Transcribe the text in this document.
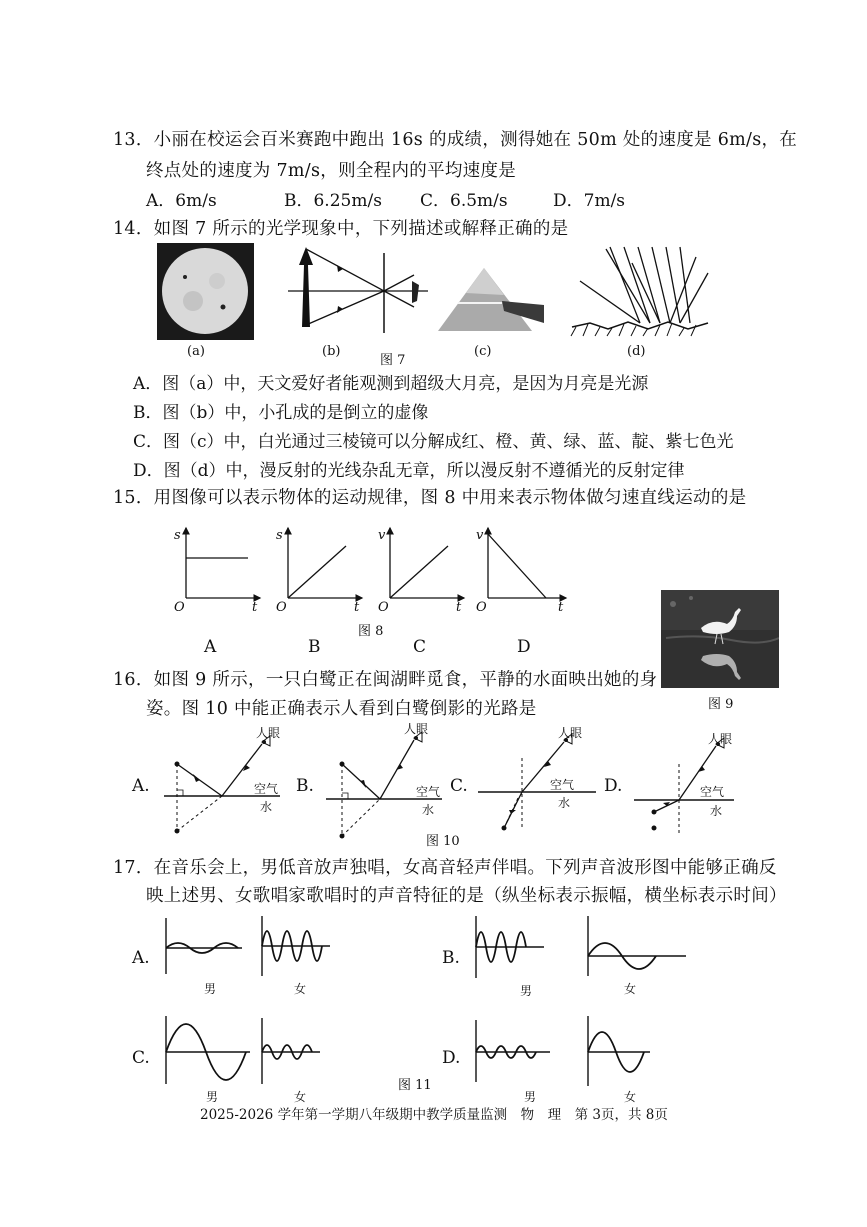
13．小丽在校运会百米赛跑中跑出 16s 的成绩，测得她在 50m 处的速度是 6m/s，在
终点处的速度为 7m/s，则全程内的平均速度是
A．6m/s	B．6.25m/s C．6.5m/s	D．7m/s
14．如图 7 所示的光学现象中，下列描述或解释正确的是
(a)	(b)
图 7
(c)	(d)
A．图（a）中，天文爱好者能观测到超级大月亮，是因为月亮是光源
B．图（b）中，小孔成的是倒立的虚像
C．图（c）中，白光通过三棱镜可以分解成红、橙、黄、绿、蓝、靛、紫七色光
D．图（d）中，漫反射的光线杂乱无章，所以漫反射不遵循光的反射定律
15．用图像可以表示物体的运动规律，图 8 中用来表示物体做匀速直线运动的是
s
O	t
s
O	t
v
O	t
v
O	t
图 8
A	B	C	D
16．如图 9 所示，一只白鹭正在闽湖畔觅食，平静的水面映出她的身
姿。图 10 中能正确表示人看到白鹭倒影的光路是	图 9
A.	B.	C.	D.
人眼
空气
水
人眼
空气
水
人眼
空气
水
人眼
空气
水
图 10
17．在音乐会上，男低音放声独唱，女高音轻声伴唱。下列声音波形图中能够正确反
映上述男、女歌唱家歌唱时的声音特征的是（纵坐标表示振幅，横坐标表示时间）
A.	B.
C.	D.
男	女	男	女
男	女	男	女
图 11
2025-2026 学年第一学期八年级期中教学质量监测　物　理　第 3页，共 8页
